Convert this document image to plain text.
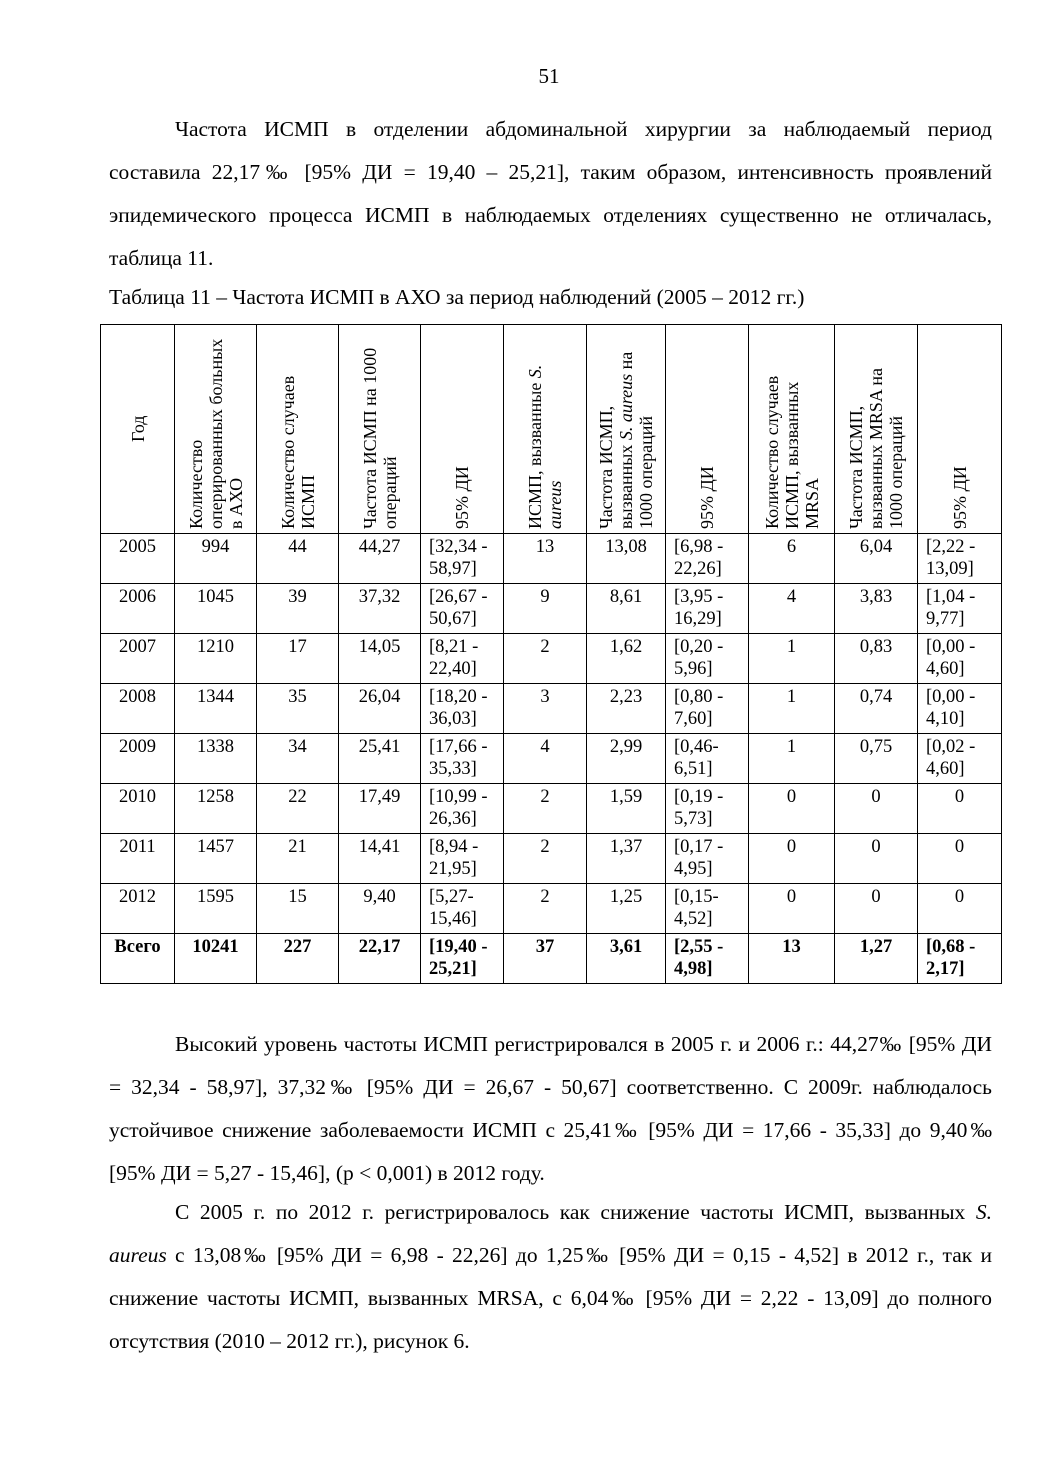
51

Частота ИСМП в отделении абдоминальной хирургии за наблюдаемый период составила 22,17‰ [95% ДИ = 19,40 – 25,21], таким образом, интенсивность проявлений эпидемического процесса ИСМП в наблюдаемых отделениях существенно не отличалась, таблица 11.

Таблица 11 – Частота ИСМП в АХО за период наблюдений (2005 – 2012 гг.)
Год	Количество оперированных больных в АХО	Количество случаев ИСМП	Частота ИСМП на 1000 операций	95% ДИ	ИСМП, вызванные S. aureus	Частота ИСМП, вызванных S. aureus на 1000 операций	95% ДИ	Количество случаев ИСМП, вызванных MRSA	Частота ИСМП, вызванных MRSA на 1000 операций	95% ДИ

2005	994	44	44,27	[32,34 - 58,97]	13	13,08	[6,98 - 22,26]	6	6,04	[2,22 - 13,09]
2006	1045	39	37,32	[26,67 - 50,67]	9	8,61	[3,95 - 16,29]	4	3,83	[1,04 - 9,77]
2007	1210	17	14,05	[8,21 - 22,40]	2	1,62	[0,20 - 5,96]	1	0,83	[0,00 - 4,60]
2008	1344	35	26,04	[18,20 - 36,03]	3	2,23	[0,80 - 7,60]	1	0,74	[0,00 - 4,10]
2009	1338	34	25,41	[17,66 - 35,33]	4	2,99	[0,46- 6,51]	1	0,75	[0,02 - 4,60]
2010	1258	22	17,49	[10,99 - 26,36]	2	1,59	[0,19 - 5,73]	0	0	0
2011	1457	21	14,41	[8,94 - 21,95]	2	1,37	[0,17 - 4,95]	0	0	0
2012	1595	15	9,40	[5,27- 15,46]	2	1,25	[0,15- 4,52]	0	0	0
Всего	10241	227	22,17	[19,40 - 25,21]	37	3,61	[2,55 - 4,98]	13	1,27	[0,68 - 2,17]

Высокий уровень частоты ИСМП регистрировался в 2005 г. и 2006 г.: 44,27‰ [95% ДИ = 32,34 - 58,97], 37,32‰ [95% ДИ = 26,67 - 50,67] соответственно. С 2009г. наблюдалось устойчивое снижение заболеваемости ИСМП с 25,41‰ [95% ДИ = 17,66 - 35,33] до 9,40‰ [95% ДИ = 5,27 - 15,46], (p < 0,001) в 2012 году.

С 2005 г. по 2012 г. регистрировалось как снижение частоты ИСМП, вызванных S. aureus с 13,08‰ [95% ДИ = 6,98 - 22,26] до 1,25‰ [95% ДИ = 0,15 - 4,52] в 2012 г., так и снижение частоты ИСМП, вызванных MRSA, с 6,04‰ [95% ДИ = 2,22 - 13,09] до полного отсутствия (2010 – 2012 гг.), рисунок 6.
